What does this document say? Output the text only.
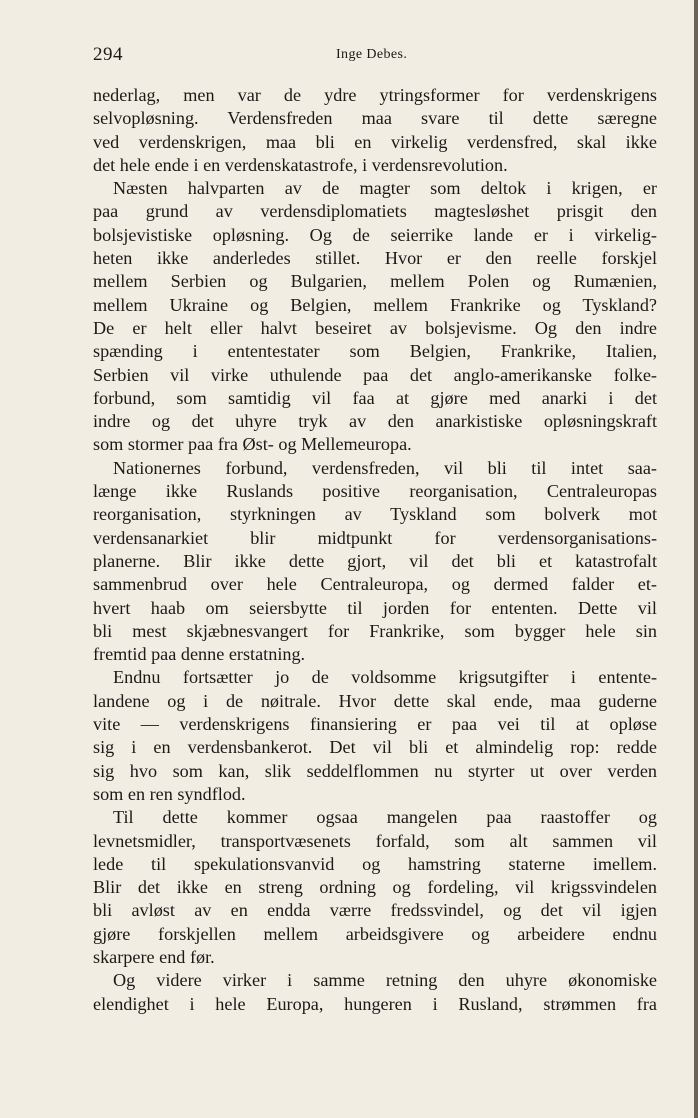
294	Inge Debes.
nederlag, men var de ydre ytringsformer for verdenskrigens
selvopløsning. Verdensfreden maa svare til dette særegne
ved verdenskrigen, maa bli en virkelig verdensfred, skal ikke
det hele ende i en verdenskatastrofe, i verdensrevolution.
Næsten halvparten av de magter som deltok i krigen, er
paa grund av verdensdiplomatiets magtesløshet prisgit den
bolsjevistiske opløsning. Og de seierrike lande er i virkelig-
heten ikke anderledes stillet. Hvor er den reelle forskjel
mellem Serbien og Bulgarien, mellem Polen og Rumænien,
mellem Ukraine og Belgien, mellem Frankrike og Tyskland?
De er helt eller halvt beseiret av bolsjevisme. Og den indre
spænding i ententestater som Belgien, Frankrike, Italien,
Serbien vil virke uthulende paa det anglo-amerikanske folke-
forbund, som samtidig vil faa at gjøre med anarki i det
indre og det uhyre tryk av den anarkistiske opløsningskraft
som stormer paa fra Øst- og Mellemeuropa.
Nationernes forbund, verdensfreden, vil bli til intet saa-
længe ikke Ruslands positive reorganisation, Centraleuropas
reorganisation, styrkningen av Tyskland som bolverk mot
verdensanarkiet blir midtpunkt for verdensorganisations-
planerne. Blir ikke dette gjort, vil det bli et katastrofalt
sammenbrud over hele Centraleuropa, og dermed falder et-
hvert haab om seiersbytte til jorden for ententen. Dette vil
bli mest skjæbnesvangert for Frankrike, som bygger hele sin
fremtid paa denne erstatning.
Endnu fortsætter jo de voldsomme krigsutgifter i entente-
landene og i de nøitrale. Hvor dette skal ende, maa guderne
vite — verdenskrigens finansiering er paa vei til at opløse
sig i en verdensbankerot. Det vil bli et almindelig rop: redde
sig hvo som kan, slik seddelflommen nu styrter ut over verden
som en ren syndflod.
Til dette kommer ogsaa mangelen paa raastoffer og
levnetsmidler, transportvæsenets forfald, som alt sammen vil
lede til spekulationsvanvid og hamstring staterne imellem.
Blir det ikke en streng ordning og fordeling, vil krigssvindelen
bli avløst av en endda værre fredssvindel, og det vil igjen
gjøre forskjellen mellem arbeidsgivere og arbeidere endnu
skarpere end før.
Og videre virker i samme retning den uhyre økonomiske
elendighet i hele Europa, hungeren i Rusland, strømmen fra
